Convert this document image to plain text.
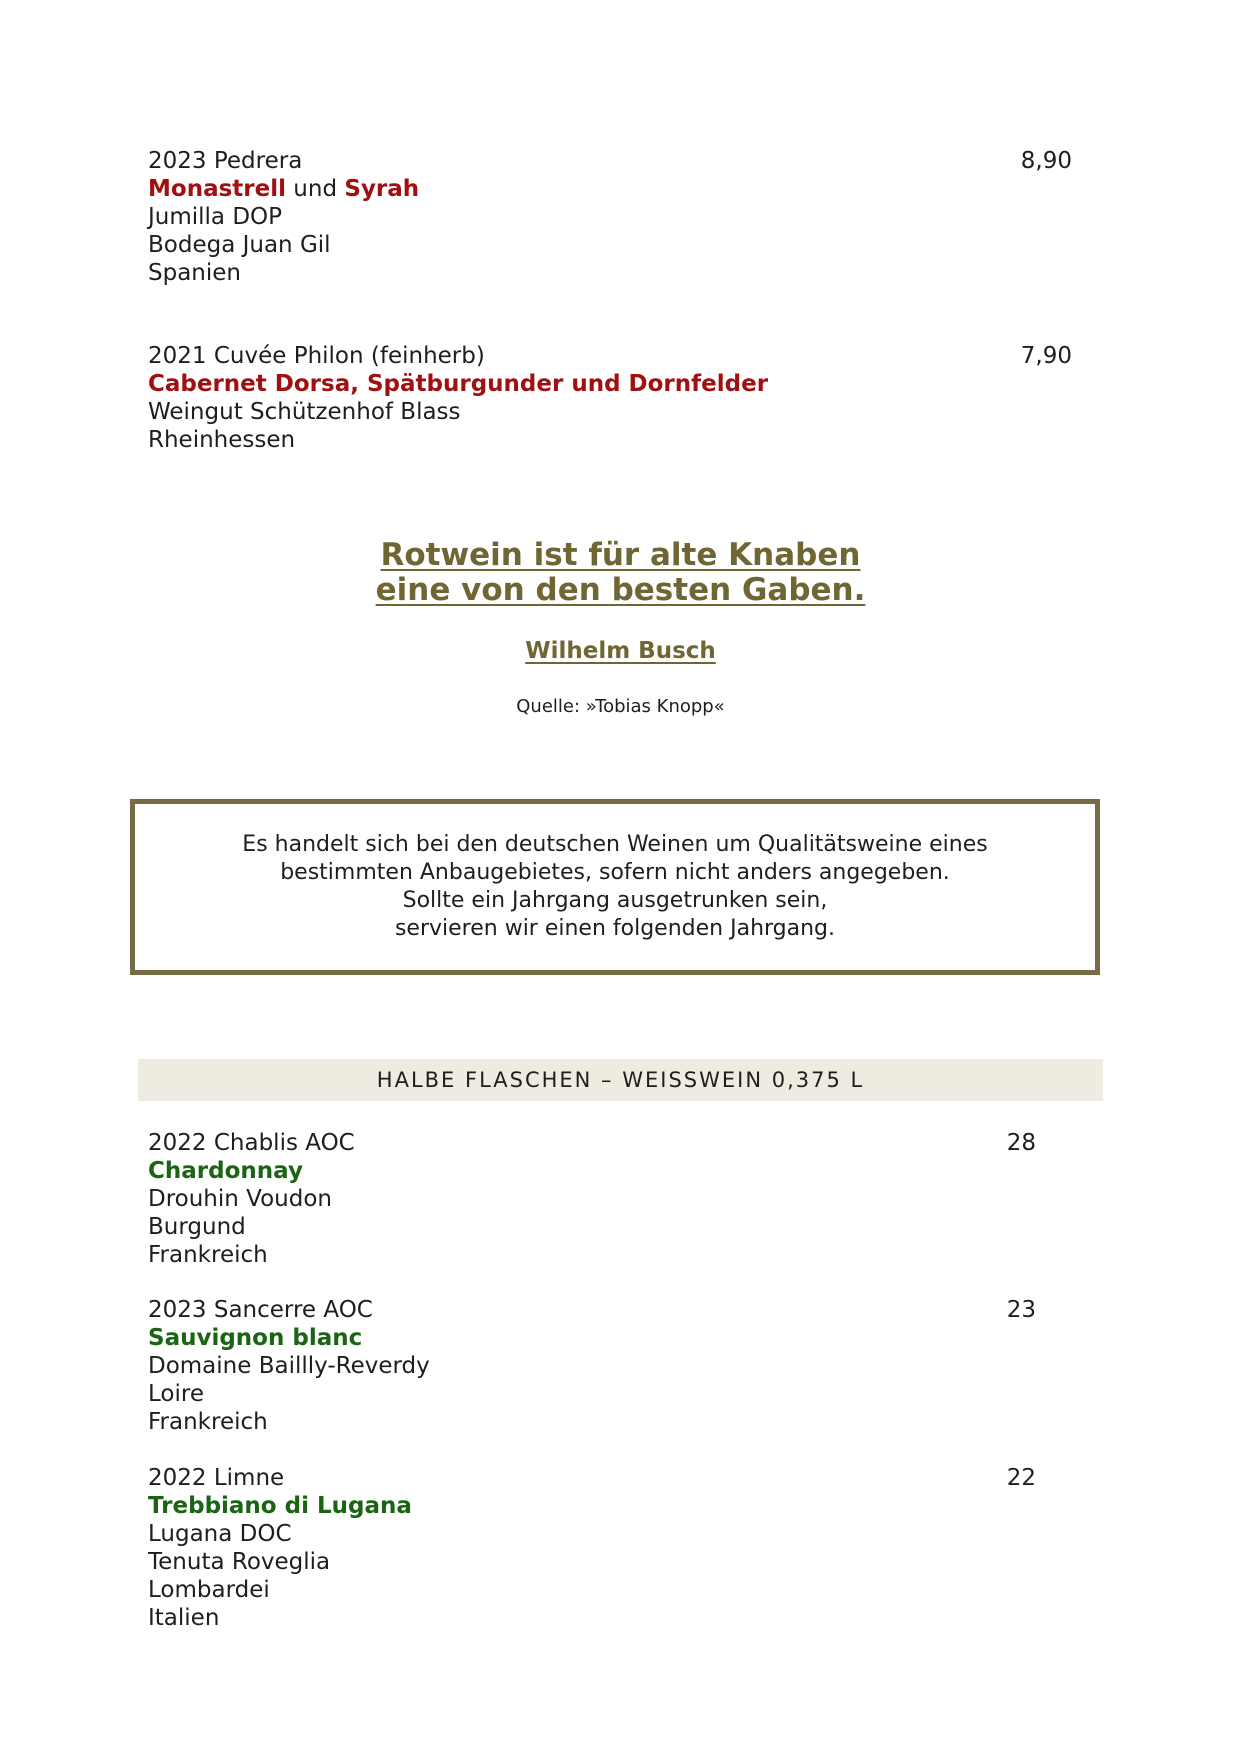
2023 Pedrera
Monastrell und Syrah
Jumilla DOP
Bodega Juan Gil
Spanien
8,90
2021 Cuvée Philon (feinherb)
Cabernet Dorsa, Spätburgunder und Dornfelder
Weingut Schützenhof Blass
Rheinhessen
7,90
Rotwein ist für alte Knaben
eine von den besten Gaben.
Wilhelm Busch
Quelle: »Tobias Knopp«
Es handelt sich bei den deutschen Weinen um Qualitätsweine eines
bestimmten Anbaugebietes, sofern nicht anders angegeben.
Sollte ein Jahrgang ausgetrunken sein,
servieren wir einen folgenden Jahrgang.
HALBE FLASCHEN – WEISSWEIN 0,375 L
2022 Chablis AOC
Chardonnay
Drouhin Voudon
Burgund
Frankreich
28
2023 Sancerre AOC
Sauvignon blanc
Domaine Baillly-Reverdy
Loire
Frankreich
23
2022 Limne
Trebbiano di Lugana
Lugana DOC
Tenuta Roveglia
Lombardei
Italien
22
